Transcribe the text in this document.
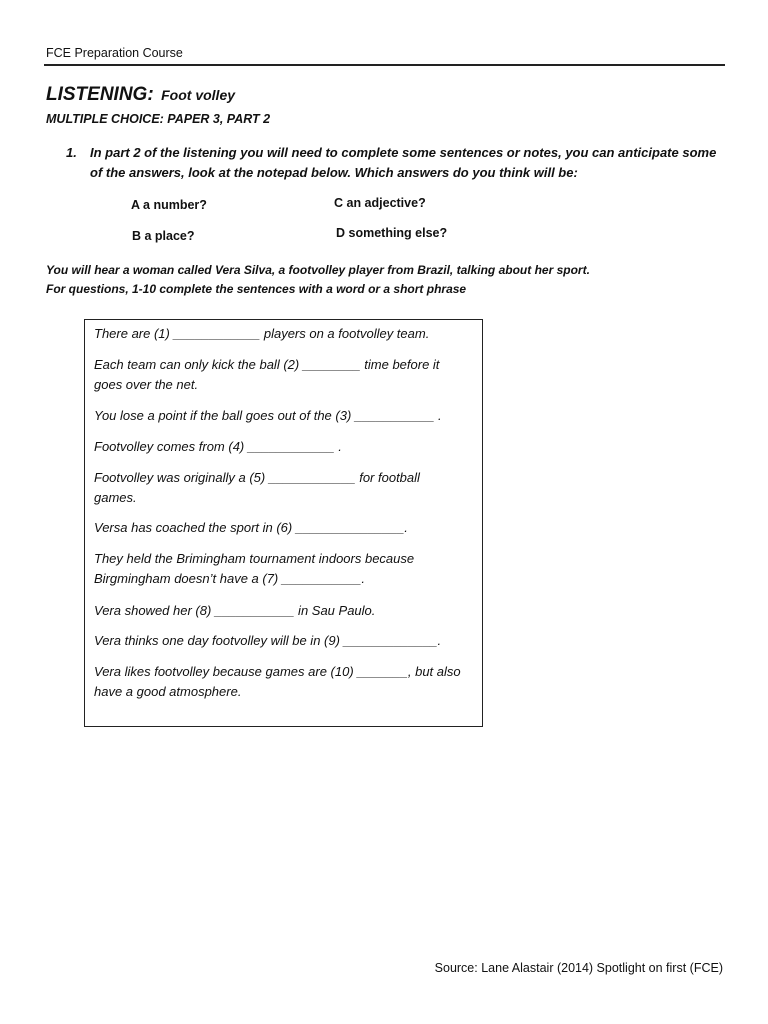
FCE Preparation Course
LISTENING: Foot volley
MULTIPLE CHOICE: PAPER 3, PART 2
1. In part 2 of the listening you will need to complete some sentences or notes, you can anticipate some of the answers, look at the notepad below. Which answers do you think will be:
A a number?
B a place?
C an adjective?
D something else?
You will hear a woman called Vera Silva, a footvolley player from Brazil, talking about her sport.
For questions, 1-10 complete the sentences with a word or a short phrase
There are (1) ____________ players on a footvolley team.
Each team can only kick the ball (2) ________ time before it goes over the net.
You lose a point if the ball goes out of the (3) ___________ .
Footvolley comes from (4) ____________ .
Footvolley was originally a (5) ____________ for football games.
Versa has coached the sport in (6) _______________.
They held the Brimingham tournament indoors because Birgmingham doesn’t have a (7) ___________.
Vera showed her (8) ___________ in Sau Paulo.
Vera thinks one day footvolley will be in (9) _____________.
Vera likes footvolley because games are (10) _______, but also have a good atmosphere.
Source: Lane Alastair (2014) Spotlight on first (FCE)
